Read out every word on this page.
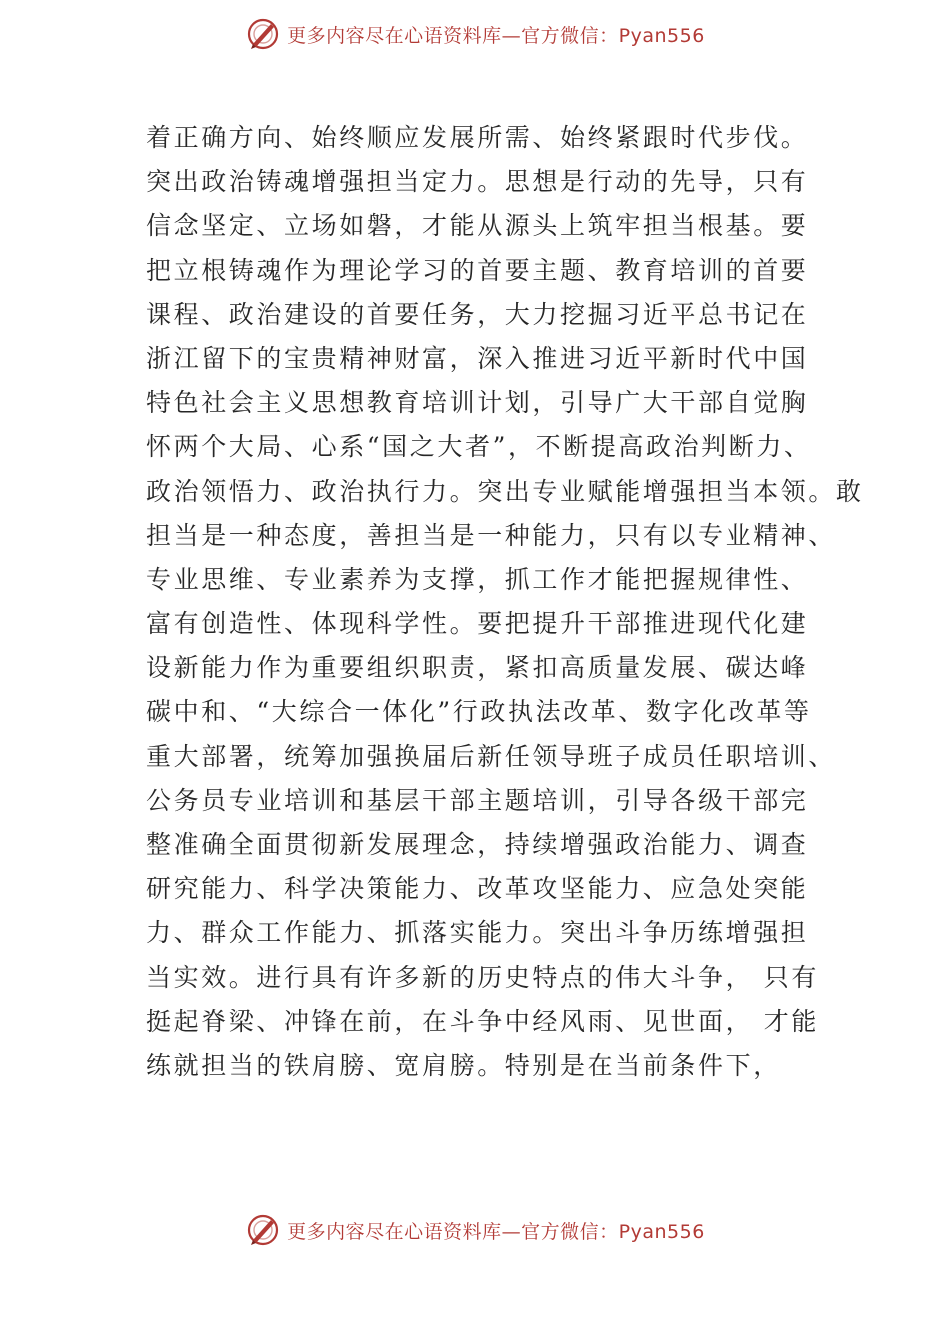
更多内容尽在心语资料库—官方微信：Pyan556
着正确方向、始终顺应发展所需、始终紧跟时代步伐。
突出政治铸魂增强担当定力。思想是行动的先导，只有
信念坚定、立场如磐，才能从源头上筑牢担当根基。要
把立根铸魂作为理论学习的首要主题、教育培训的首要
课程、政治建设的首要任务，大力挖掘习近平总书记在
浙江留下的宝贵精神财富，深入推进习近平新时代中国
特色社会主义思想教育培训计划，引导广大干部自觉胸
怀两个大局、心系“国之大者”，不断提高政治判断力、
政治领悟力、政治执行力。突出专业赋能增强担当本领。敢
担当是一种态度，善担当是一种能力，只有以专业精神、
专业思维、专业素养为支撑，抓工作才能把握规律性、
富有创造性、体现科学性。要把提升干部推进现代化建
设新能力作为重要组织职责，紧扣高质量发展、碳达峰
碳中和、“大综合一体化”行政执法改革、数字化改革等
重大部署，统筹加强换届后新任领导班子成员任职培训、
公务员专业培训和基层干部主题培训，引导各级干部完
整准确全面贯彻新发展理念，持续增强政治能力、调查
研究能力、科学决策能力、改革攻坚能力、应急处突能
力、群众工作能力、抓落实能力。突出斗争历练增强担
当实效。进行具有许多新的历史特点的伟大斗争， 只有
挺起脊梁、冲锋在前，在斗争中经风雨、见世面， 才能
练就担当的铁肩膀、宽肩膀。特别是在当前条件下，
更多内容尽在心语资料库—官方微信：Pyan556
